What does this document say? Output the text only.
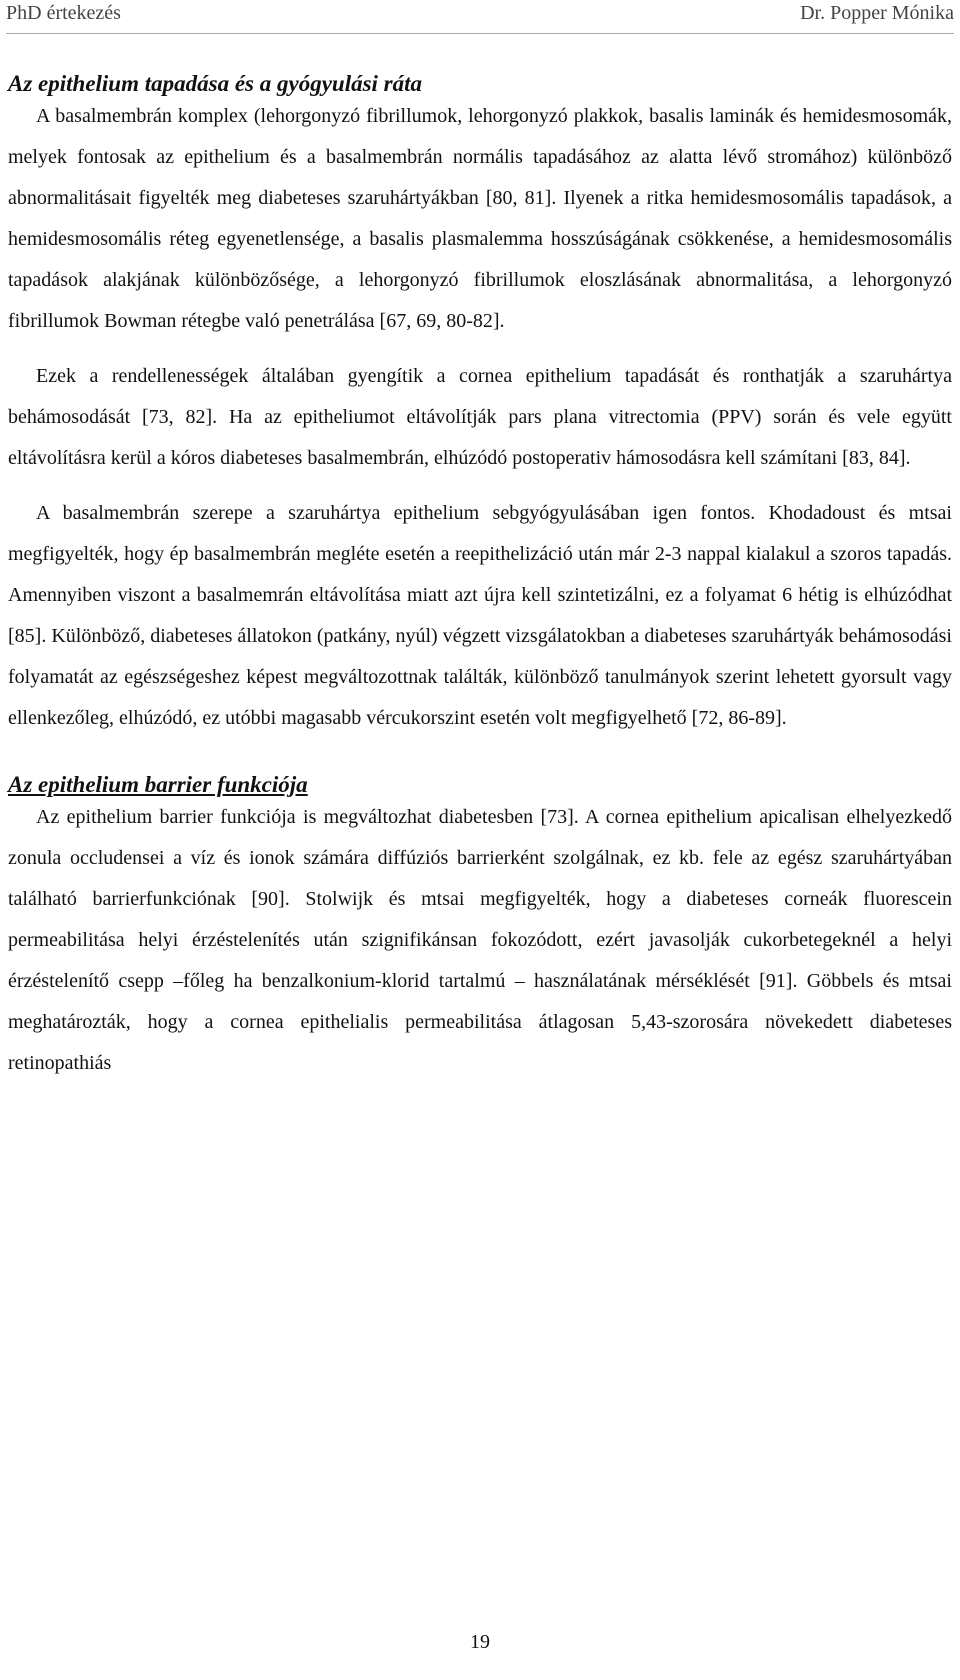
PhD értekezés	Dr. Popper Mónika
Az epithelium tapadása és a gyógyulási ráta

A basalmembrán komplex (lehorgonyzó fibrillumok, lehorgonyzó plakkok, basalis laminák és hemidesmosomák, melyek fontosak az epithelium és a basalmembrán normális tapadásához az alatta lévő stromához) különböző abnormalitásait figyelték meg diabeteses szaruhártyákban [80, 81]. Ilyenek a ritka hemidesmosomális tapadások, a hemidesmosomális réteg egyenetlensége, a basalis plasmalemma hosszúságának csökkenése, a hemidesmosomális tapadások alakjának különbözősége, a lehorgonyzó fibrillumok eloszlásának abnormalitása, a lehorgonyzó fibrillumok Bowman rétegbe való penetrálása [67, 69, 80-82].

Ezek a rendellenességek általában gyengítik a cornea epithelium tapadását és ronthatják a szaruhártya behámosodását [73, 82]. Ha az epitheliumot eltávolítják pars plana vitrectomia (PPV) során és vele együtt eltávolításra kerül a kóros diabeteses basalmembrán, elhúzódó postoperativ hámosodásra kell számítani [83, 84].

A basalmembrán szerepe a szaruhártya epithelium sebgyógyulásában igen fontos. Khodadoust és mtsai megfigyelték, hogy ép basalmembrán megléte esetén a reepithelizáció után már 2-3 nappal kialakul a szoros tapadás. Amennyiben viszont a basalmemrán eltávolítása miatt azt újra kell szintetizálni, ez a folyamat 6 hétig is elhúzódhat [85]. Különböző, diabeteses állatokon (patkány, nyúl) végzett vizsgálatokban a diabeteses szaruhártyák behámosodási folyamatát az egészségeshez képest megváltozottnak találták, különböző tanulmányok szerint lehetett gyorsult vagy ellenkezőleg, elhúzódó, ez utóbbi magasabb vércukorszint esetén volt megfigyelhető [72, 86-89].

Az epithelium barrier funkciója

Az epithelium barrier funkciója is megváltozhat diabetesben [73]. A cornea epithelium apicalisan elhelyezkedő zonula occludensei a víz és ionok számára diffúziós barrierként szolgálnak, ez kb. fele az egész szaruhártyában található barrierfunkciónak [90]. Stolwijk és mtsai megfigyelték, hogy a diabeteses corneák fluorescein permeabilitása helyi érzéstelenítés után szignifikánsan fokozódott, ezért javasolják cukorbetegeknél a helyi érzéstelenítő csepp –főleg ha benzalkonium-klorid tartalmú – használatának mérséklését [91]. Göbbels és mtsai meghatározták, hogy a cornea epithelialis permeabilitása átlagosan 5,43-szorosára növekedett diabeteses retinopathiás

19
